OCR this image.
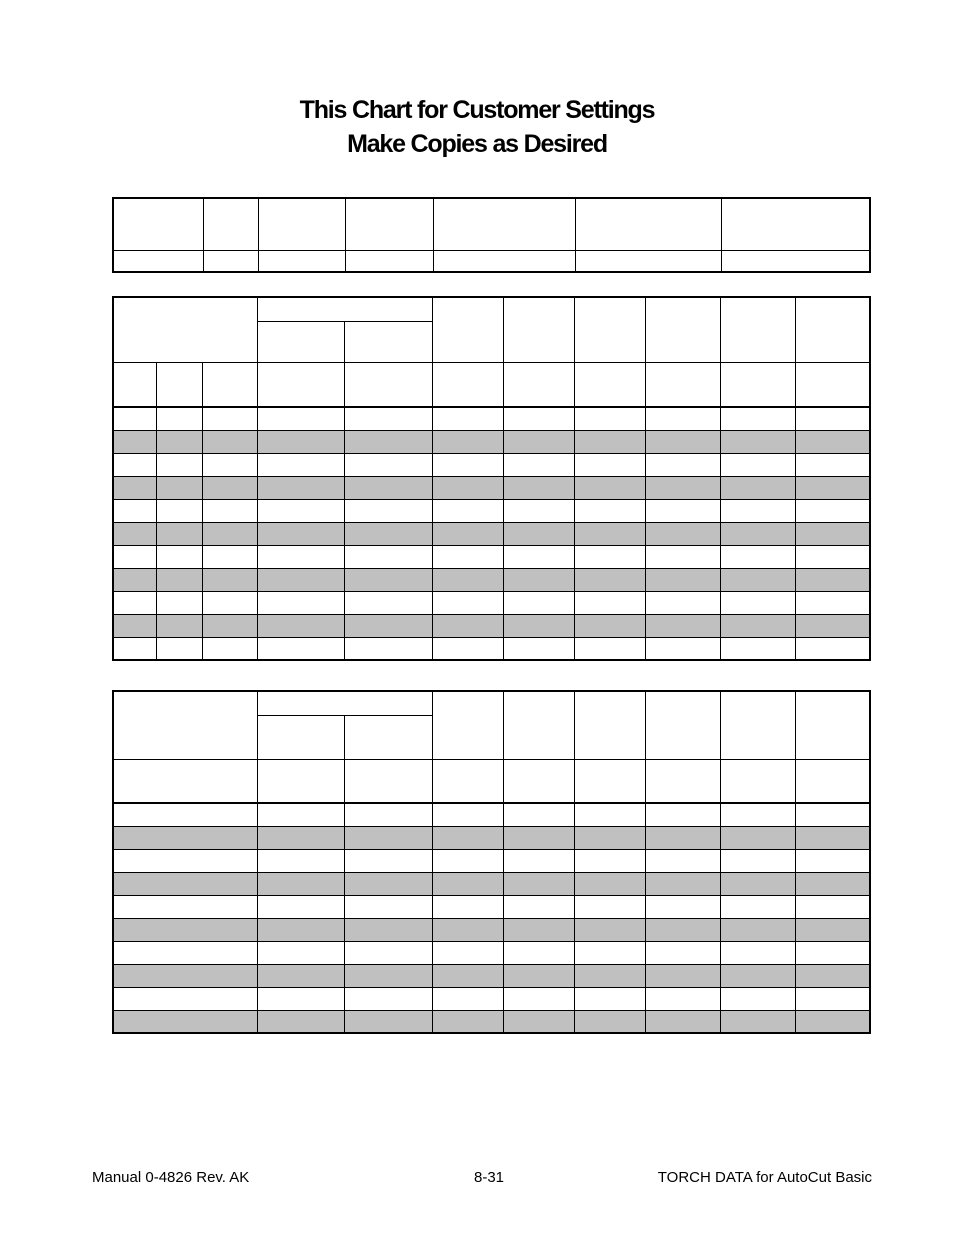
This Chart for Customer Settings
Make Copies as Desired

Manual 0-4826 Rev. AK	8-31	TORCH DATA for AutoCut Basic
